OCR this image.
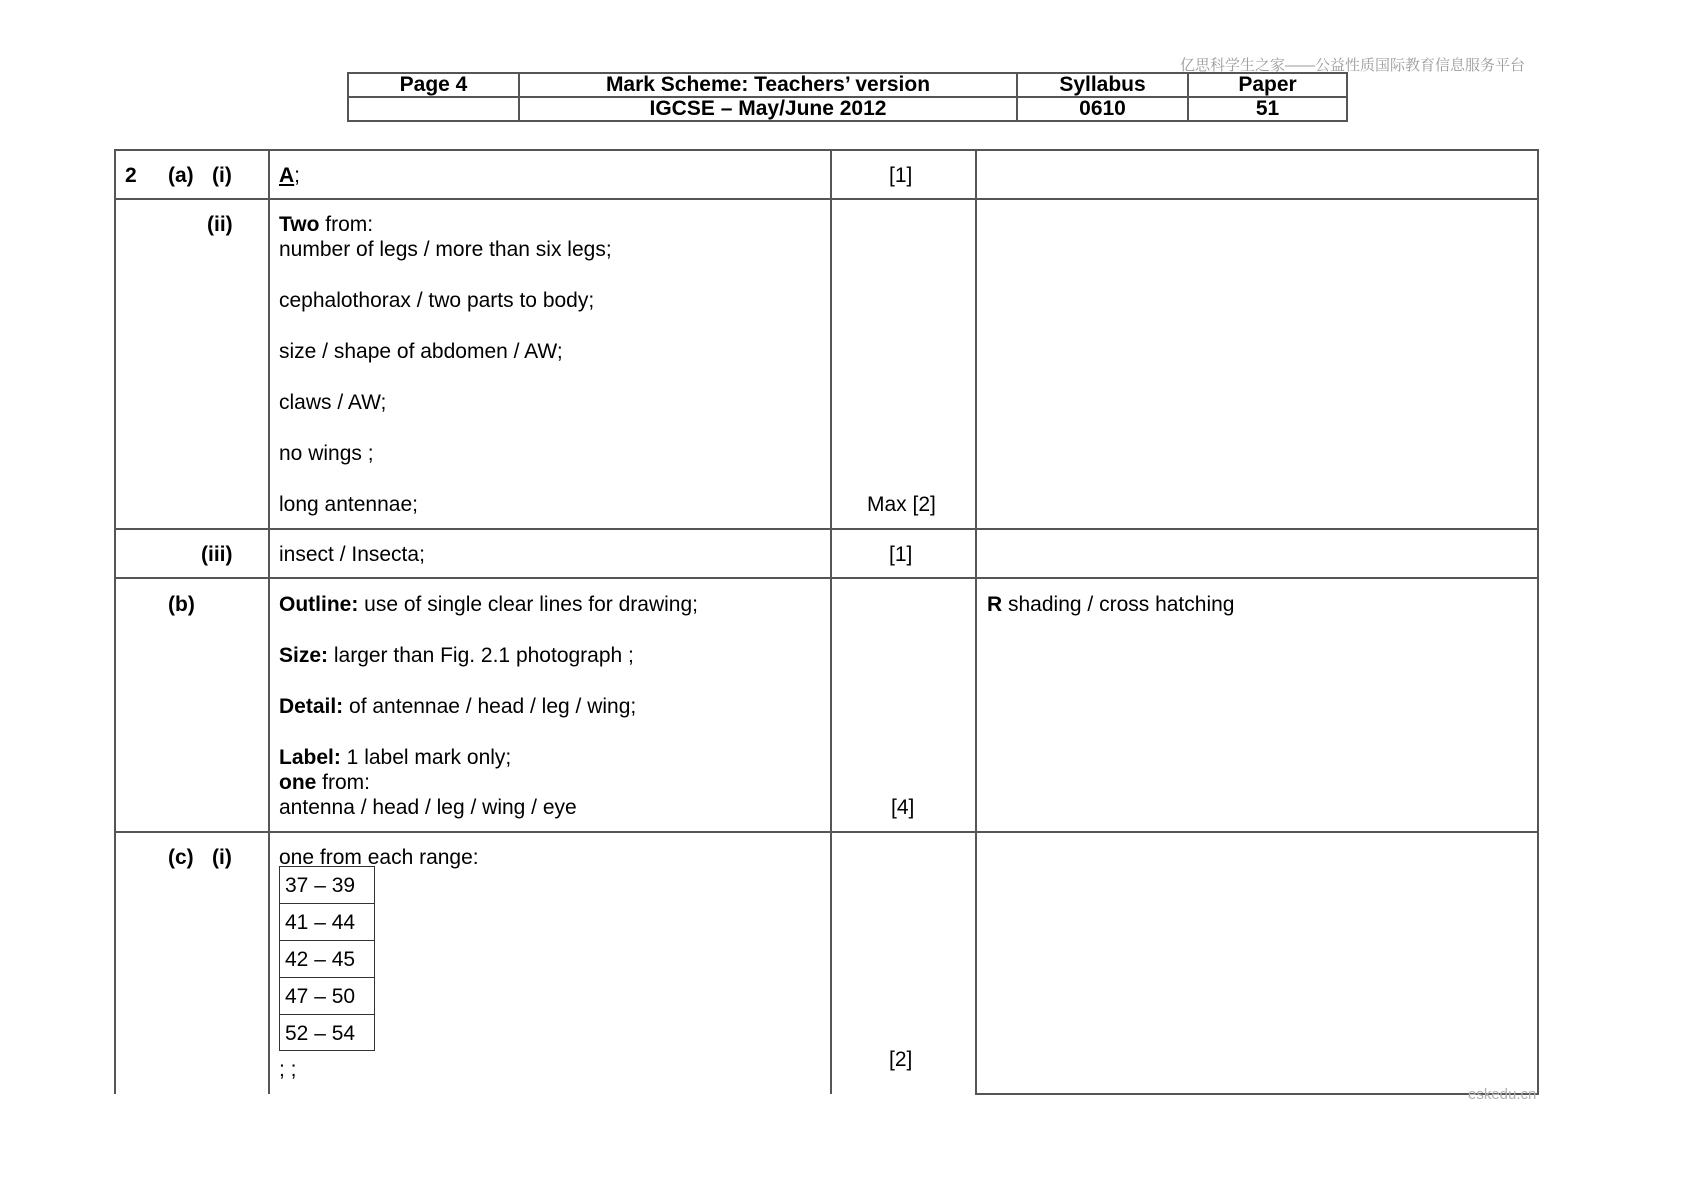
亿思科学生之家——公益性质国际教育信息服务平台
Page 4	Mark Scheme: Teachers’ version	Syllabus	Paper
	IGCSE – May/June 2012	0610	51
2 (a) (i) A;	[1]
(ii) Two from:
number of legs / more than six legs;
cephalothorax / two parts to body;
size / shape of abdomen / AW;
claws / AW;
no wings ;
long antennae;	Max [2]
(iii) insect / Insecta;	[1]
(b)	Outline: use of single clear lines for drawing;
Size: larger than Fig. 2.1 photograph ;
Detail: of antennae / head / leg / wing;
Label: 1 label mark only;
one from:
antenna / head / leg / wing / eye	[4]
R shading / cross hatching
(c) (i) one from each range:
37 – 39
41 – 44
42 – 45
47 – 50
52 – 54
; ;	[2]
eskedu.cn
